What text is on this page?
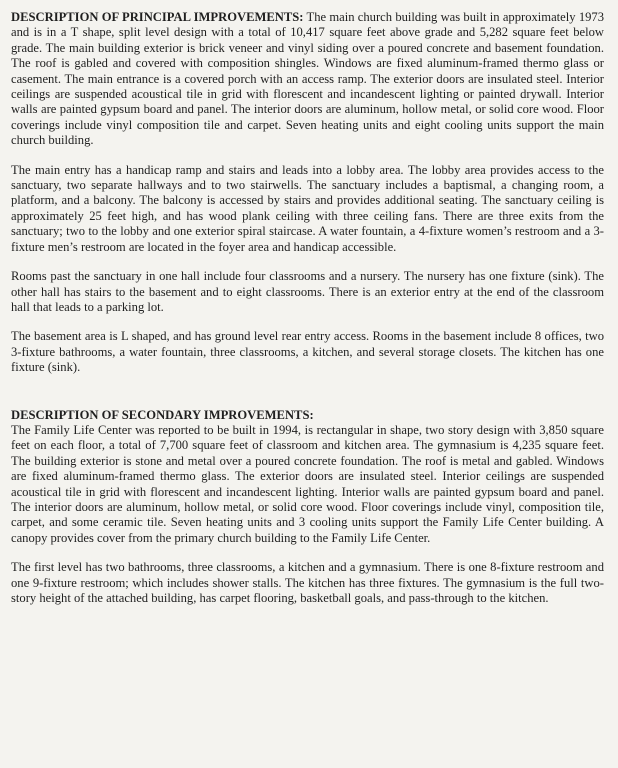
DESCRIPTION OF PRINCIPAL IMPROVEMENTS: The main church building was built in approximately 1973 and is in a T shape, split level design with a total of 10,417 square feet above grade and 5,282 square feet below grade. The main building exterior is brick veneer and vinyl siding over a poured concrete and basement foundation. The roof is gabled and covered with composition shingles. Windows are fixed aluminum-framed thermo glass or casement. The main entrance is a covered porch with an access ramp. The exterior doors are insulated steel. Interior ceilings are suspended acoustical tile in grid with florescent and incandescent lighting or painted drywall. Interior walls are painted gypsum board and panel. The interior doors are aluminum, hollow metal, or solid core wood. Floor coverings include vinyl composition tile and carpet. Seven heating units and eight cooling units support the main church building.

The main entry has a handicap ramp and stairs and leads into a lobby area. The lobby area provides access to the sanctuary, two separate hallways and to two stairwells. The sanctuary includes a baptismal, a changing room, a platform, and a balcony. The balcony is accessed by stairs and provides additional seating. The sanctuary ceiling is approximately 25 feet high, and has wood plank ceiling with three ceiling fans. There are three exits from the sanctuary; two to the lobby and one exterior spiral staircase. A water fountain, a 4-fixture women’s restroom and a 3-fixture men’s restroom are located in the foyer area and handicap accessible.

Rooms past the sanctuary in one hall include four classrooms and a nursery. The nursery has one fixture (sink). The other hall has stairs to the basement and to eight classrooms. There is an exterior entry at the end of the classroom hall that leads to a parking lot.

The basement area is L shaped, and has ground level rear entry access. Rooms in the basement include 8 offices, two 3-fixture bathrooms, a water fountain, three classrooms, a kitchen, and several storage closets. The kitchen has one fixture (sink).

DESCRIPTION OF SECONDARY IMPROVEMENTS:
The Family Life Center was reported to be built in 1994, is rectangular in shape, two story design with 3,850 square feet on each floor, a total of 7,700 square feet of classroom and kitchen area. The gymnasium is 4,235 square feet. The building exterior is stone and metal over a poured concrete foundation. The roof is metal and gabled. Windows are fixed aluminum-framed thermo glass. The exterior doors are insulated steel. Interior ceilings are suspended acoustical tile in grid with florescent and incandescent lighting. Interior walls are painted gypsum board and panel. The interior doors are aluminum, hollow metal, or solid core wood. Floor coverings include vinyl, composition tile, carpet, and some ceramic tile. Seven heating units and 3 cooling units support the Family Life Center building. A canopy provides cover from the primary church building to the Family Life Center.

The first level has two bathrooms, three classrooms, a kitchen and a gymnasium. There is one 8-fixture restroom and one 9-fixture restroom; which includes shower stalls. The kitchen has three fixtures. The gymnasium is the full two-story height of the attached building, has carpet flooring, basketball goals, and pass-through to the kitchen.
